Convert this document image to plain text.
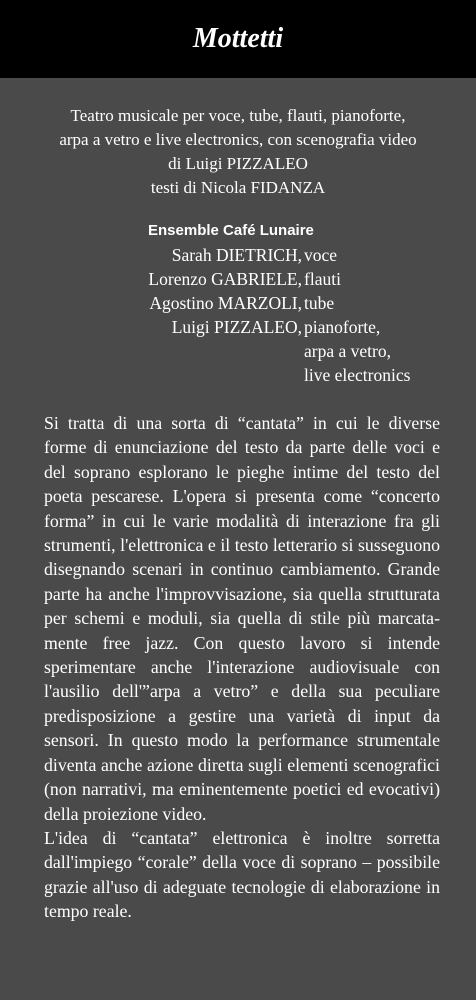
Mottetti
Teatro musicale per voce, tube, flauti, pianoforte,
arpa a vetro e live electronics, con scenografia video
di Luigi PIZZALEO
testi di Nicola FIDANZA
Ensemble Café Lunaire
Sarah DIETRICH, voce
Lorenzo GABRIELE, flauti
Agostino MARZOLI, tube
Luigi PIZZALEO, pianoforte,
arpa a vetro,
live electronics

Si tratta di una sorta di “cantata” in cui le diverse forme di enunciazione del testo da parte delle voci e del soprano esplorano le pieghe intime del testo del poeta pescarese. L'opera si presenta come “concerto forma” in cui le varie modalità di interazione fra gli strumenti, l'elettronica e il testo letterario si susseguono disegnando scenari in continuo cambiamento. Grande parte ha anche l'improvvisazione, sia quella strutturata per schemi e moduli, sia quella di stile più marcatamente free jazz. Con questo lavoro si intende sperimentare anche l'interazione audiovisuale con l'ausilio dell'”arpa a vetro” e della sua peculiare predisposizione a gestire una varietà di input da sensori. In questo modo la performance strumentale diventa anche azione diretta sugli elementi scenografici (non narrativi, ma eminentemente poetici ed evocativi) della proiezione video.

L'idea di “cantata” elettronica è inoltre sorretta dall'impiego “corale” della voce di soprano – possibile grazie all'uso di adeguate tecnologie di elaborazione in tempo reale.
